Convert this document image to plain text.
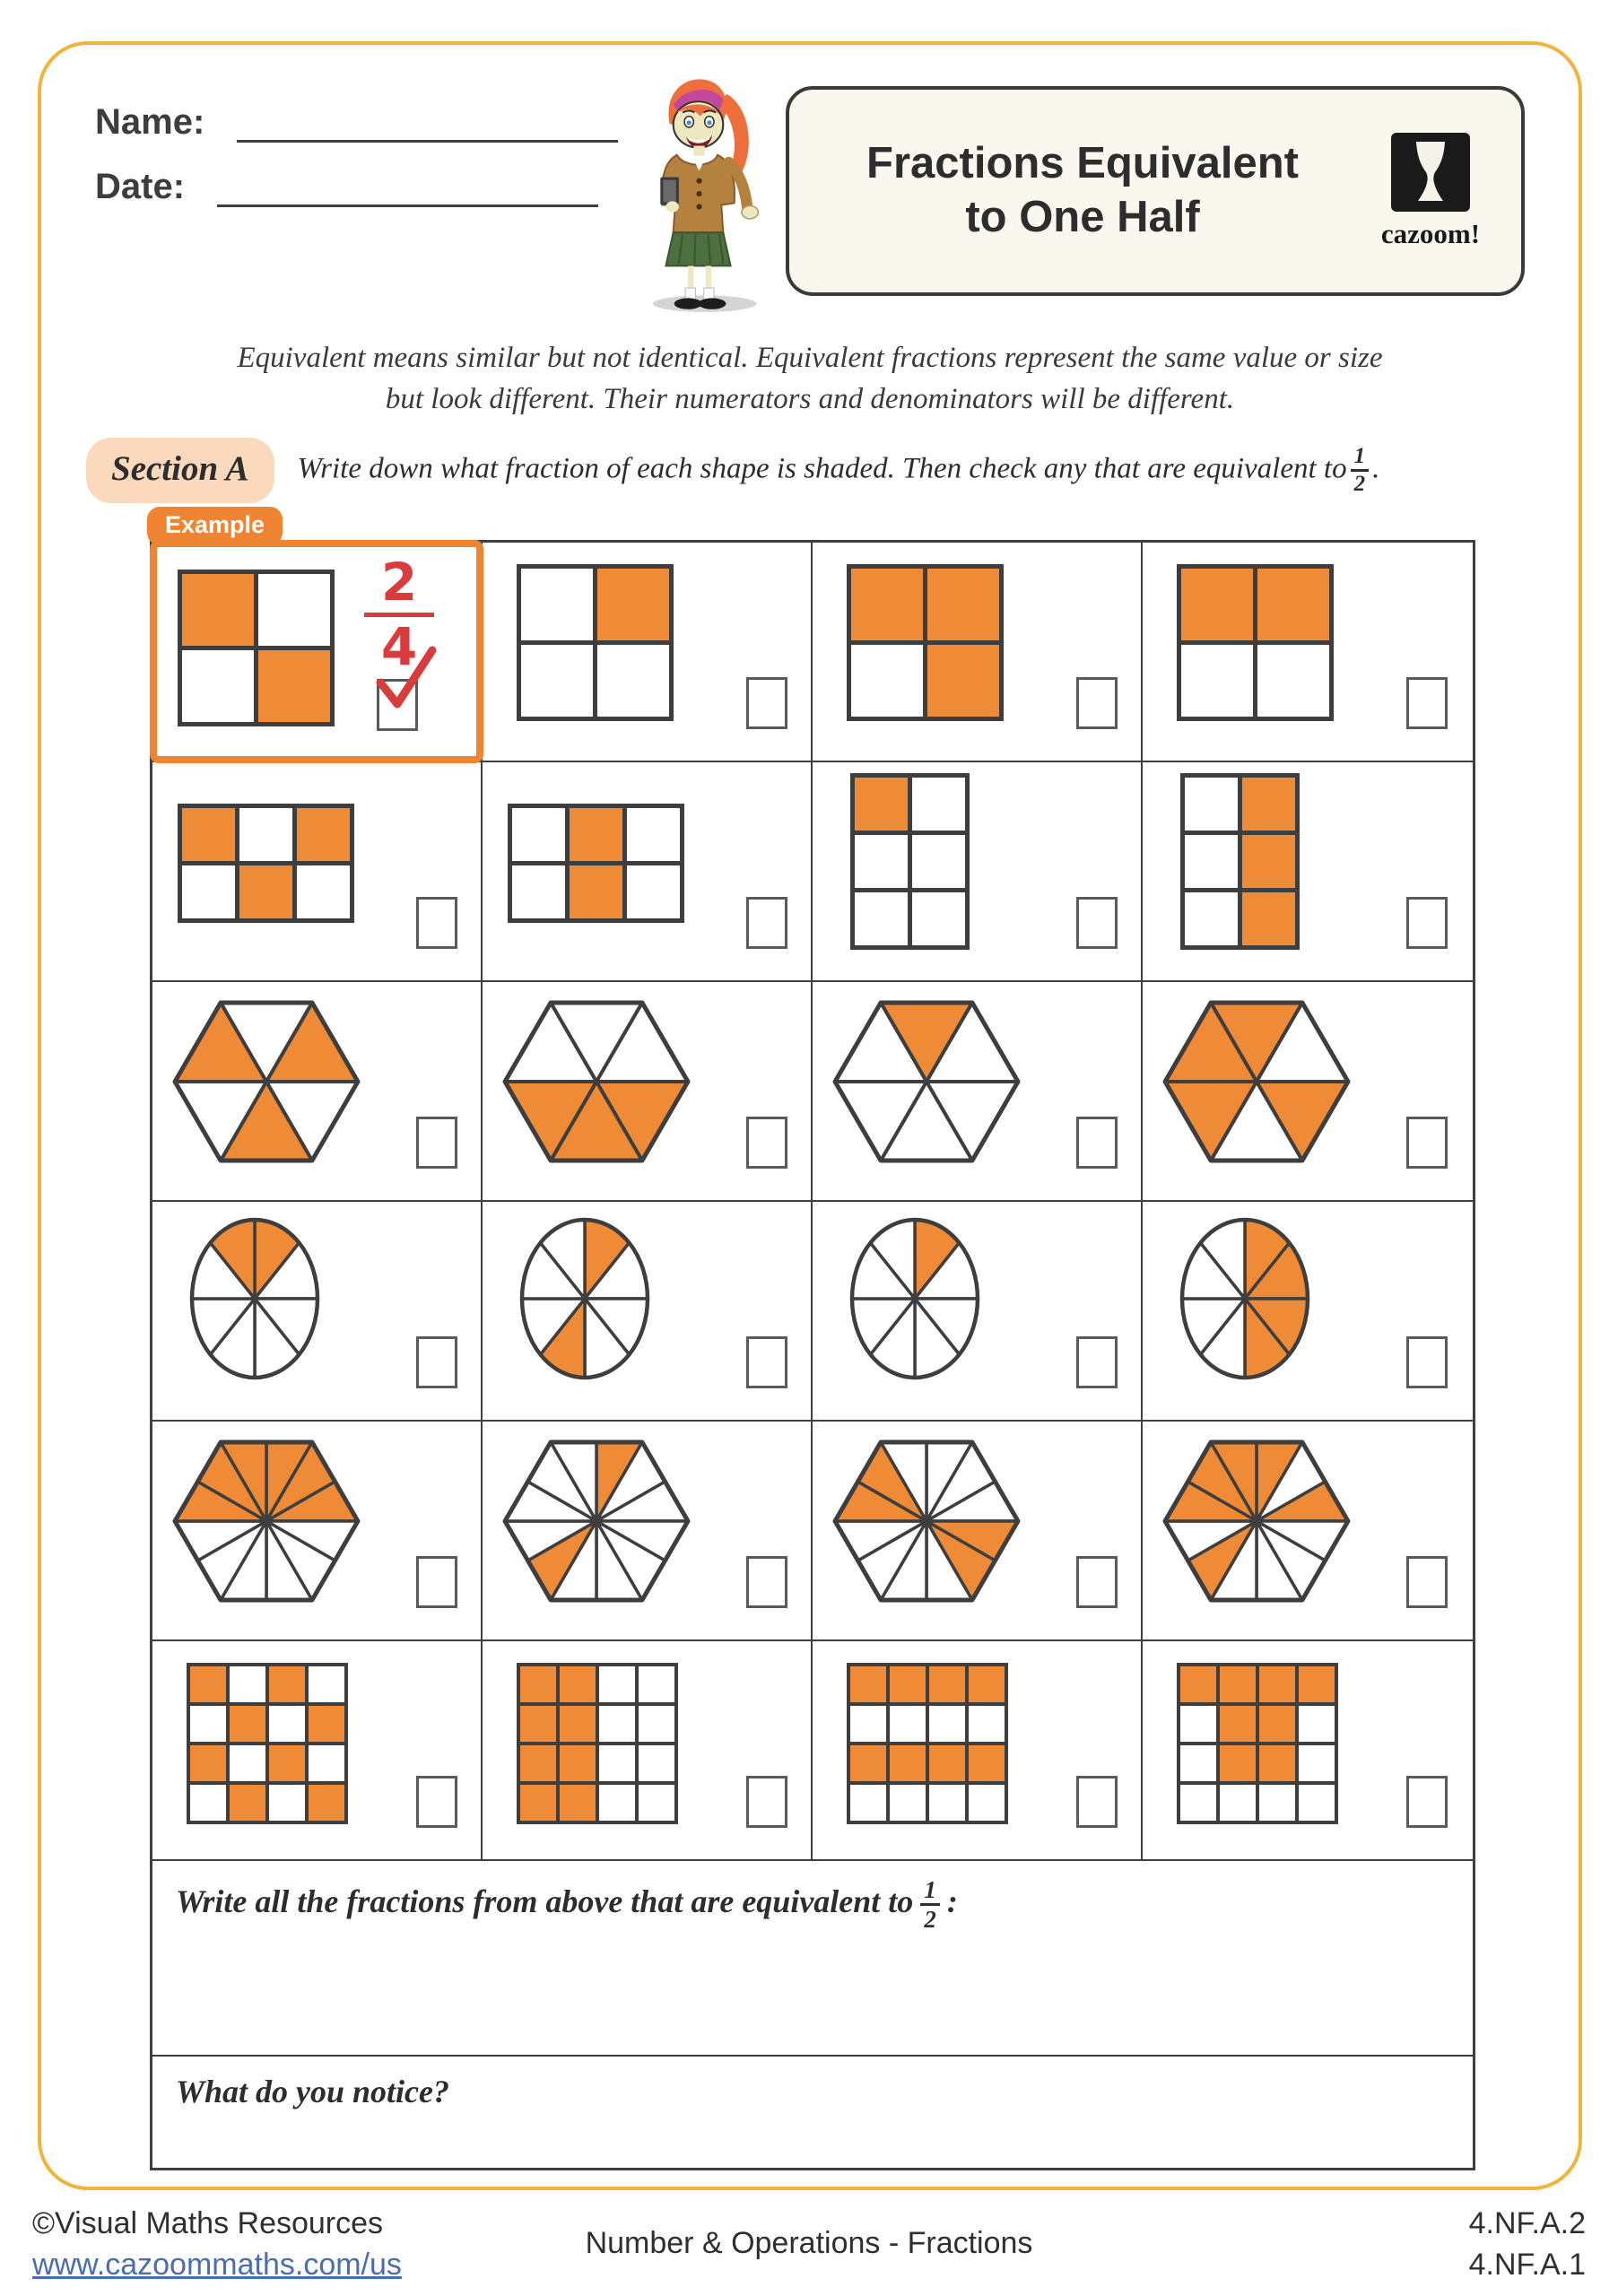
Name:
Date:	Fractions Equivalent
to One Half	cazoom!
Equivalent means similar but not identical. Equivalent fractions represent the same value or size
but look different. Their numerators and denominators will be different.
Section A	Write down what fraction of each shape is shaded. Then check any that are equivalent to $\frac{1}{2}$ .
Example
$\frac{2}{4}$
Write all the fractions from above that are equivalent to $\frac{1}{2}$ :
What do you notice?
©Visual Maths Resources
www.cazoommaths.com/us
Number & Operations - Fractions
4.NF.A.2
4.NF.A.1
